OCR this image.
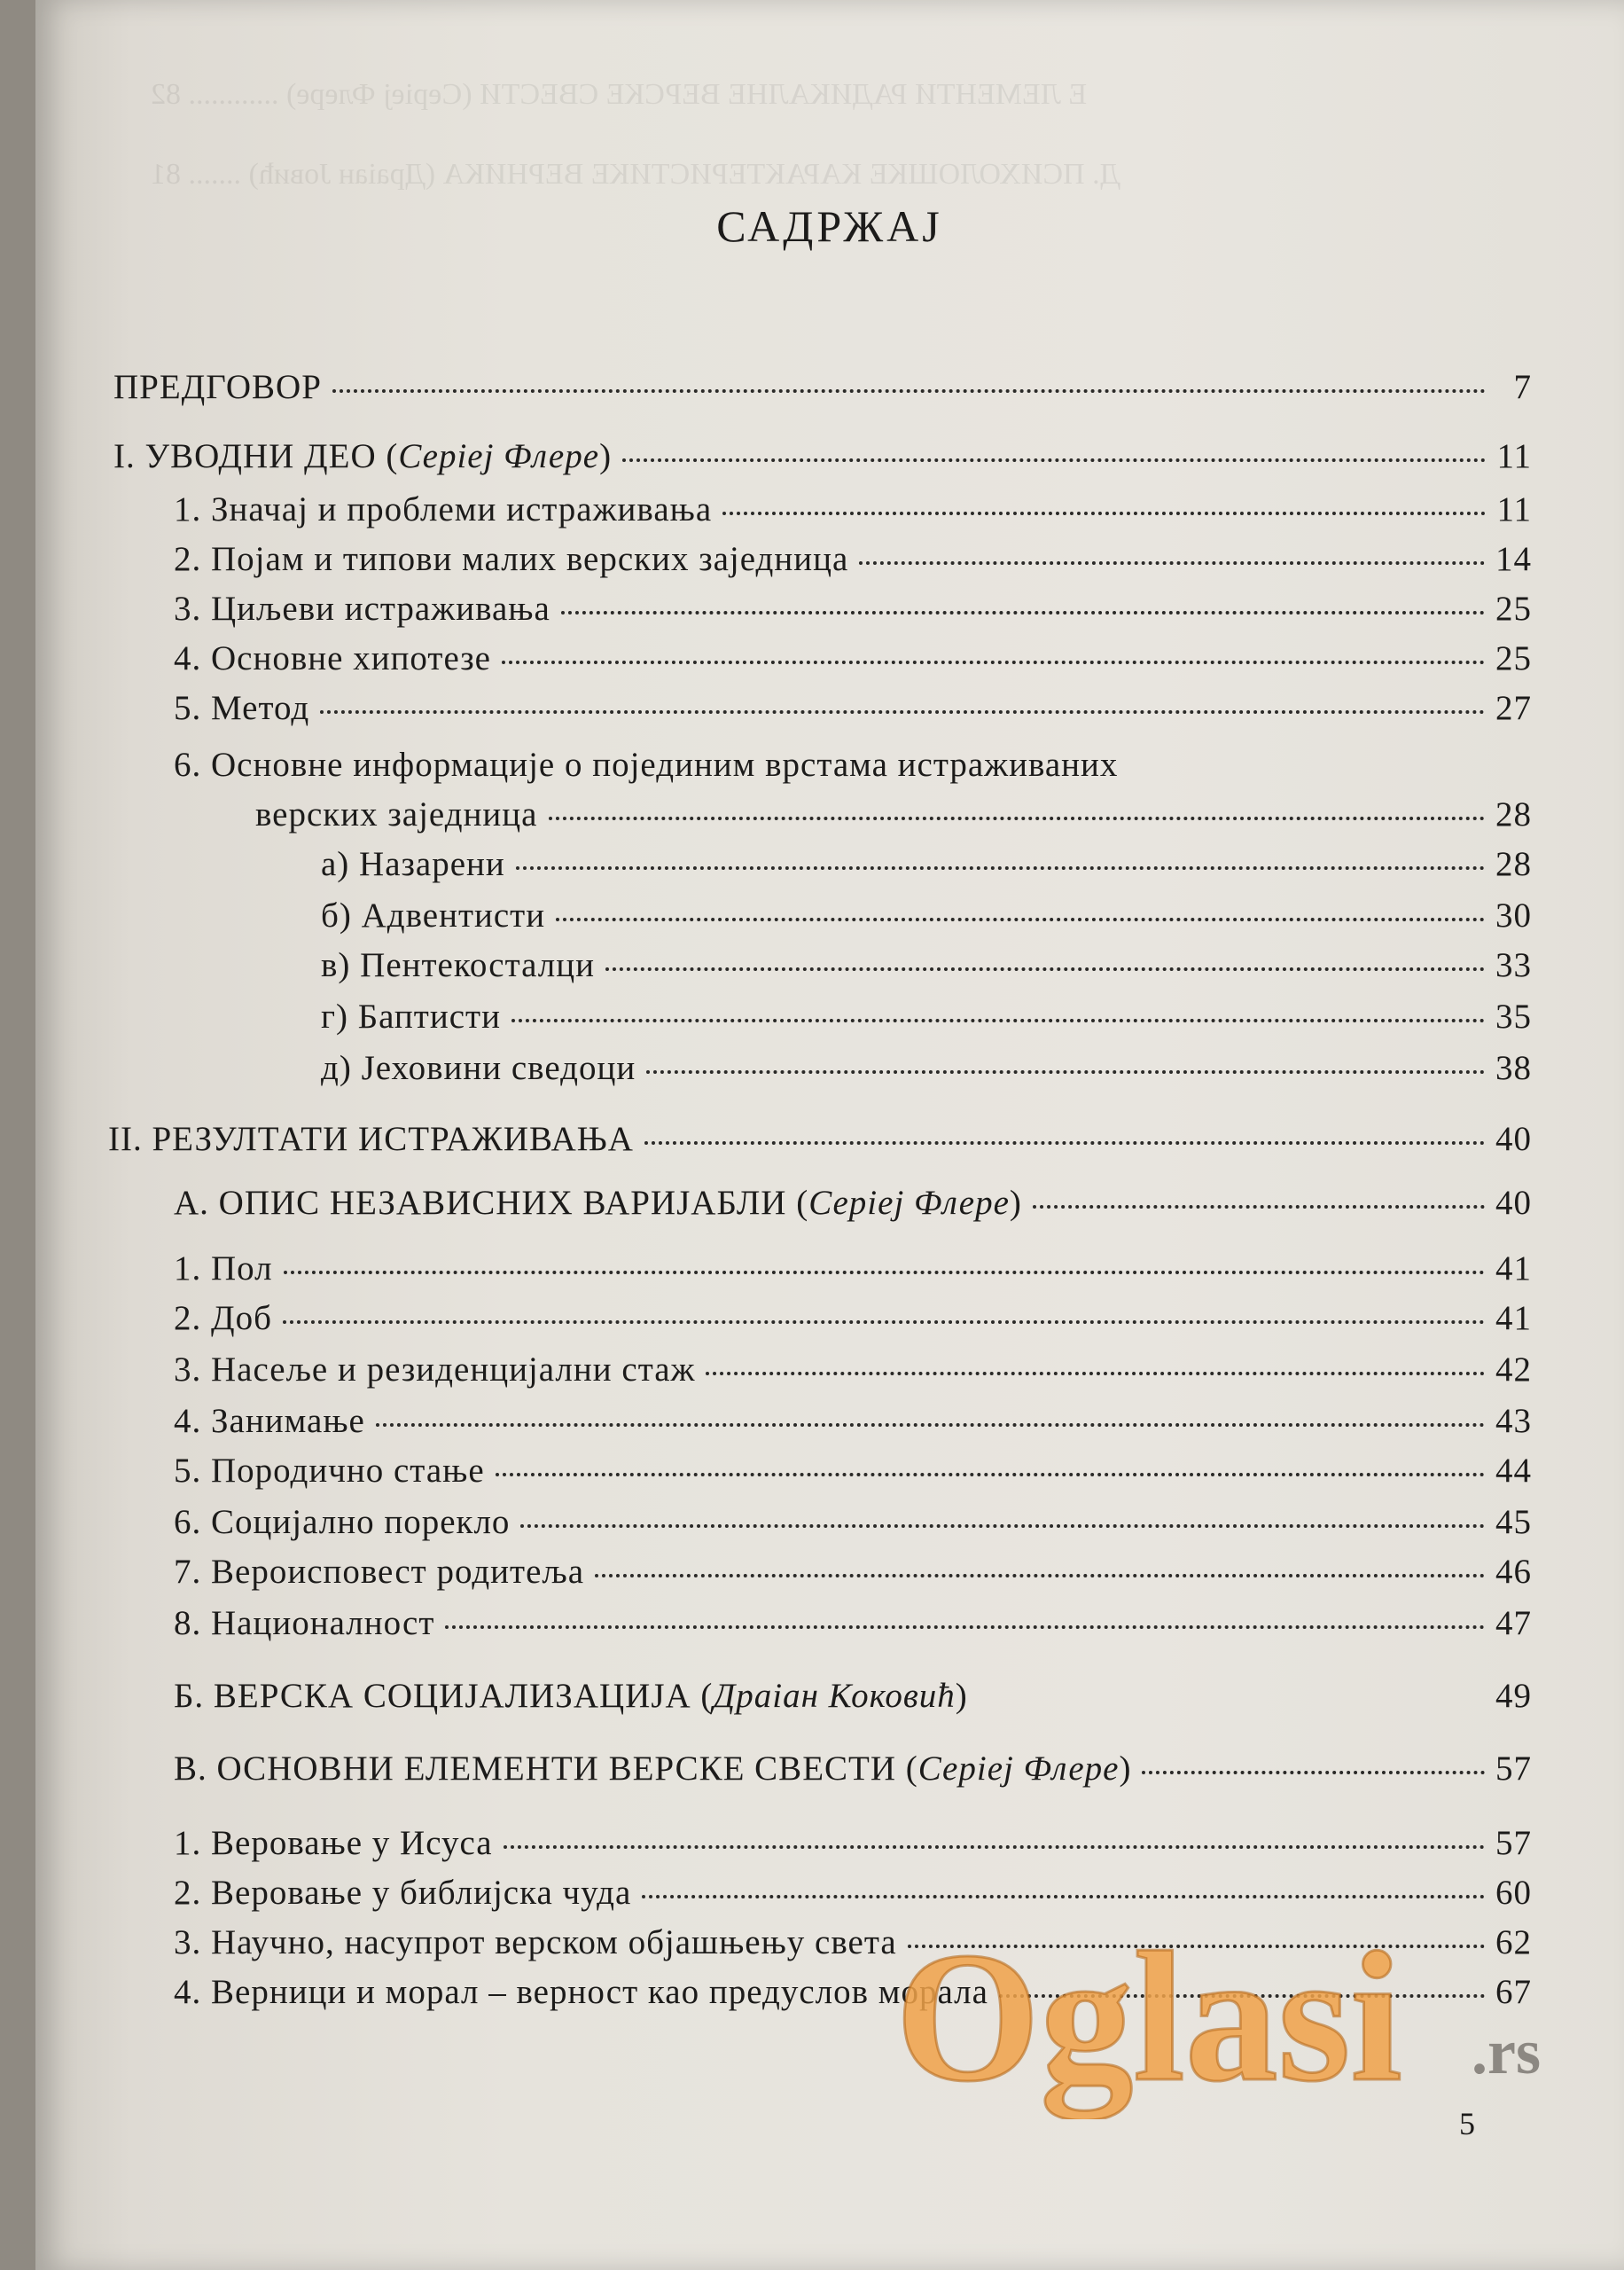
E ЛЕМЕНТИ РАДИКАЛНЕ ВЕРСКЕ СВЕСТИ (Серіеј Флере) ............ 82
Д. ПСИХОЛОШКЕ КАРАКТЕРИСТИКЕ ВЕРНИКА (Драіан Јовић) ....... 81
САДРЖАЈ
ПРЕДГОВОР	7
I. УВОДНИ ДЕО (Серіеј Флере)	11
1. Значај и проблеми истраживања	11
2. Појам и типови малих верских заједница	14
3. Циљеви истраживања	25
4. Основне хипотезе	25
5. Метод	27
6. Основне информације о појединим врстама истраживаних
верских заједница	28
а) Назарени	28
б) Адвентисти	30
в) Пентекосталци	33
г) Баптисти	35
д) Јеховини сведоци	38
II. РЕЗУЛТАТИ ИСТРАЖИВАЊА	40
А. ОПИС НЕЗАВИСНИХ ВАРИЈАБЛИ (Серіеј Флере)	40
1. Пол	41
2. Доб	41
3. Насеље и резиденцијални стаж	42
4. Занимање	43
5. Породично стање	44
6. Социјално порекло	45
7. Вероисповест родитеља	46
8. Националност	47
Б. ВЕРСКА СОЦИЈАЛИЗАЦИЈА (Драіан Коковић)	49
В. ОСНОВНИ ЕЛЕМЕНТИ ВЕРСКЕ СВЕСТИ (Серіеј Флере)	57
1. Веровање у Исуса	57
2. Веровање у библијска чуда	60
3. Научно, насупрот верском објашњењу света	62
4. Верници и морал – верност као предуслов морала	67
Oglasi .rs
5
